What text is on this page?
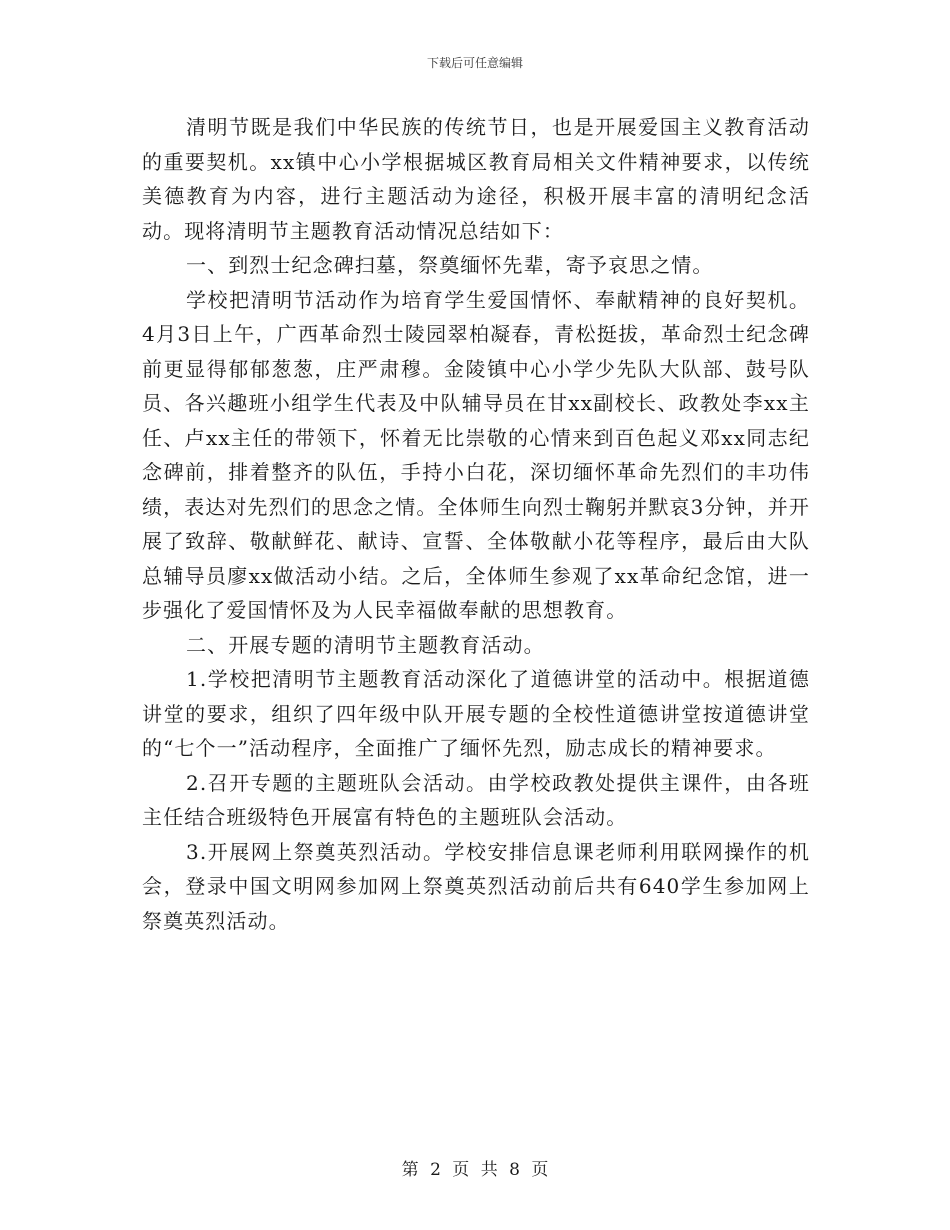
下载后可任意编辑

清明节既是我们中华民族的传统节日，也是开展爱国主义教育活动的重要契机。xx镇中心小学根据城区教育局相关文件精神要求，以传统美德教育为内容，进行主题活动为途径，积极开展丰富的清明纪念活动。现将清明节主题教育活动情况总结如下：

一、到烈士纪念碑扫墓，祭奠缅怀先辈，寄予哀思之情。

学校把清明节活动作为培育学生爱国情怀、奉献精神的良好契机。4月3日上午，广西革命烈士陵园翠柏凝春，青松挺拔，革命烈士纪念碑前更显得郁郁葱葱，庄严肃穆。金陵镇中心小学少先队大队部、鼓号队员、各兴趣班小组学生代表及中队辅导员在甘xx副校长、政教处李xx主任、卢xx主任的带领下，怀着无比崇敬的心情来到百色起义邓xx同志纪念碑前，排着整齐的队伍，手持小白花，深切缅怀革命先烈们的丰功伟绩，表达对先烈们的思念之情。全体师生向烈士鞠躬并默哀3分钟，并开展了致辞、敬献鲜花、献诗、宣誓、全体敬献小花等程序，最后由大队总辅导员廖xx做活动小结。之后，全体师生参观了xx革命纪念馆，进一步强化了爱国情怀及为人民幸福做奉献的思想教育。

二、开展专题的清明节主题教育活动。

1.学校把清明节主题教育活动深化了道德讲堂的活动中。根据道德讲堂的要求，组织了四年级中队开展专题的全校性道德讲堂按道德讲堂的“七个一”活动程序，全面推广了缅怀先烈，励志成长的精神要求。

2.召开专题的主题班队会活动。由学校政教处提供主课件，由各班主任结合班级特色开展富有特色的主题班队会活动。

3.开展网上祭奠英烈活动。学校安排信息课老师利用联网操作的机会，登录中国文明网参加网上祭奠英烈活动前后共有640学生参加网上祭奠英烈活动。

第 2 页 共 8 页
